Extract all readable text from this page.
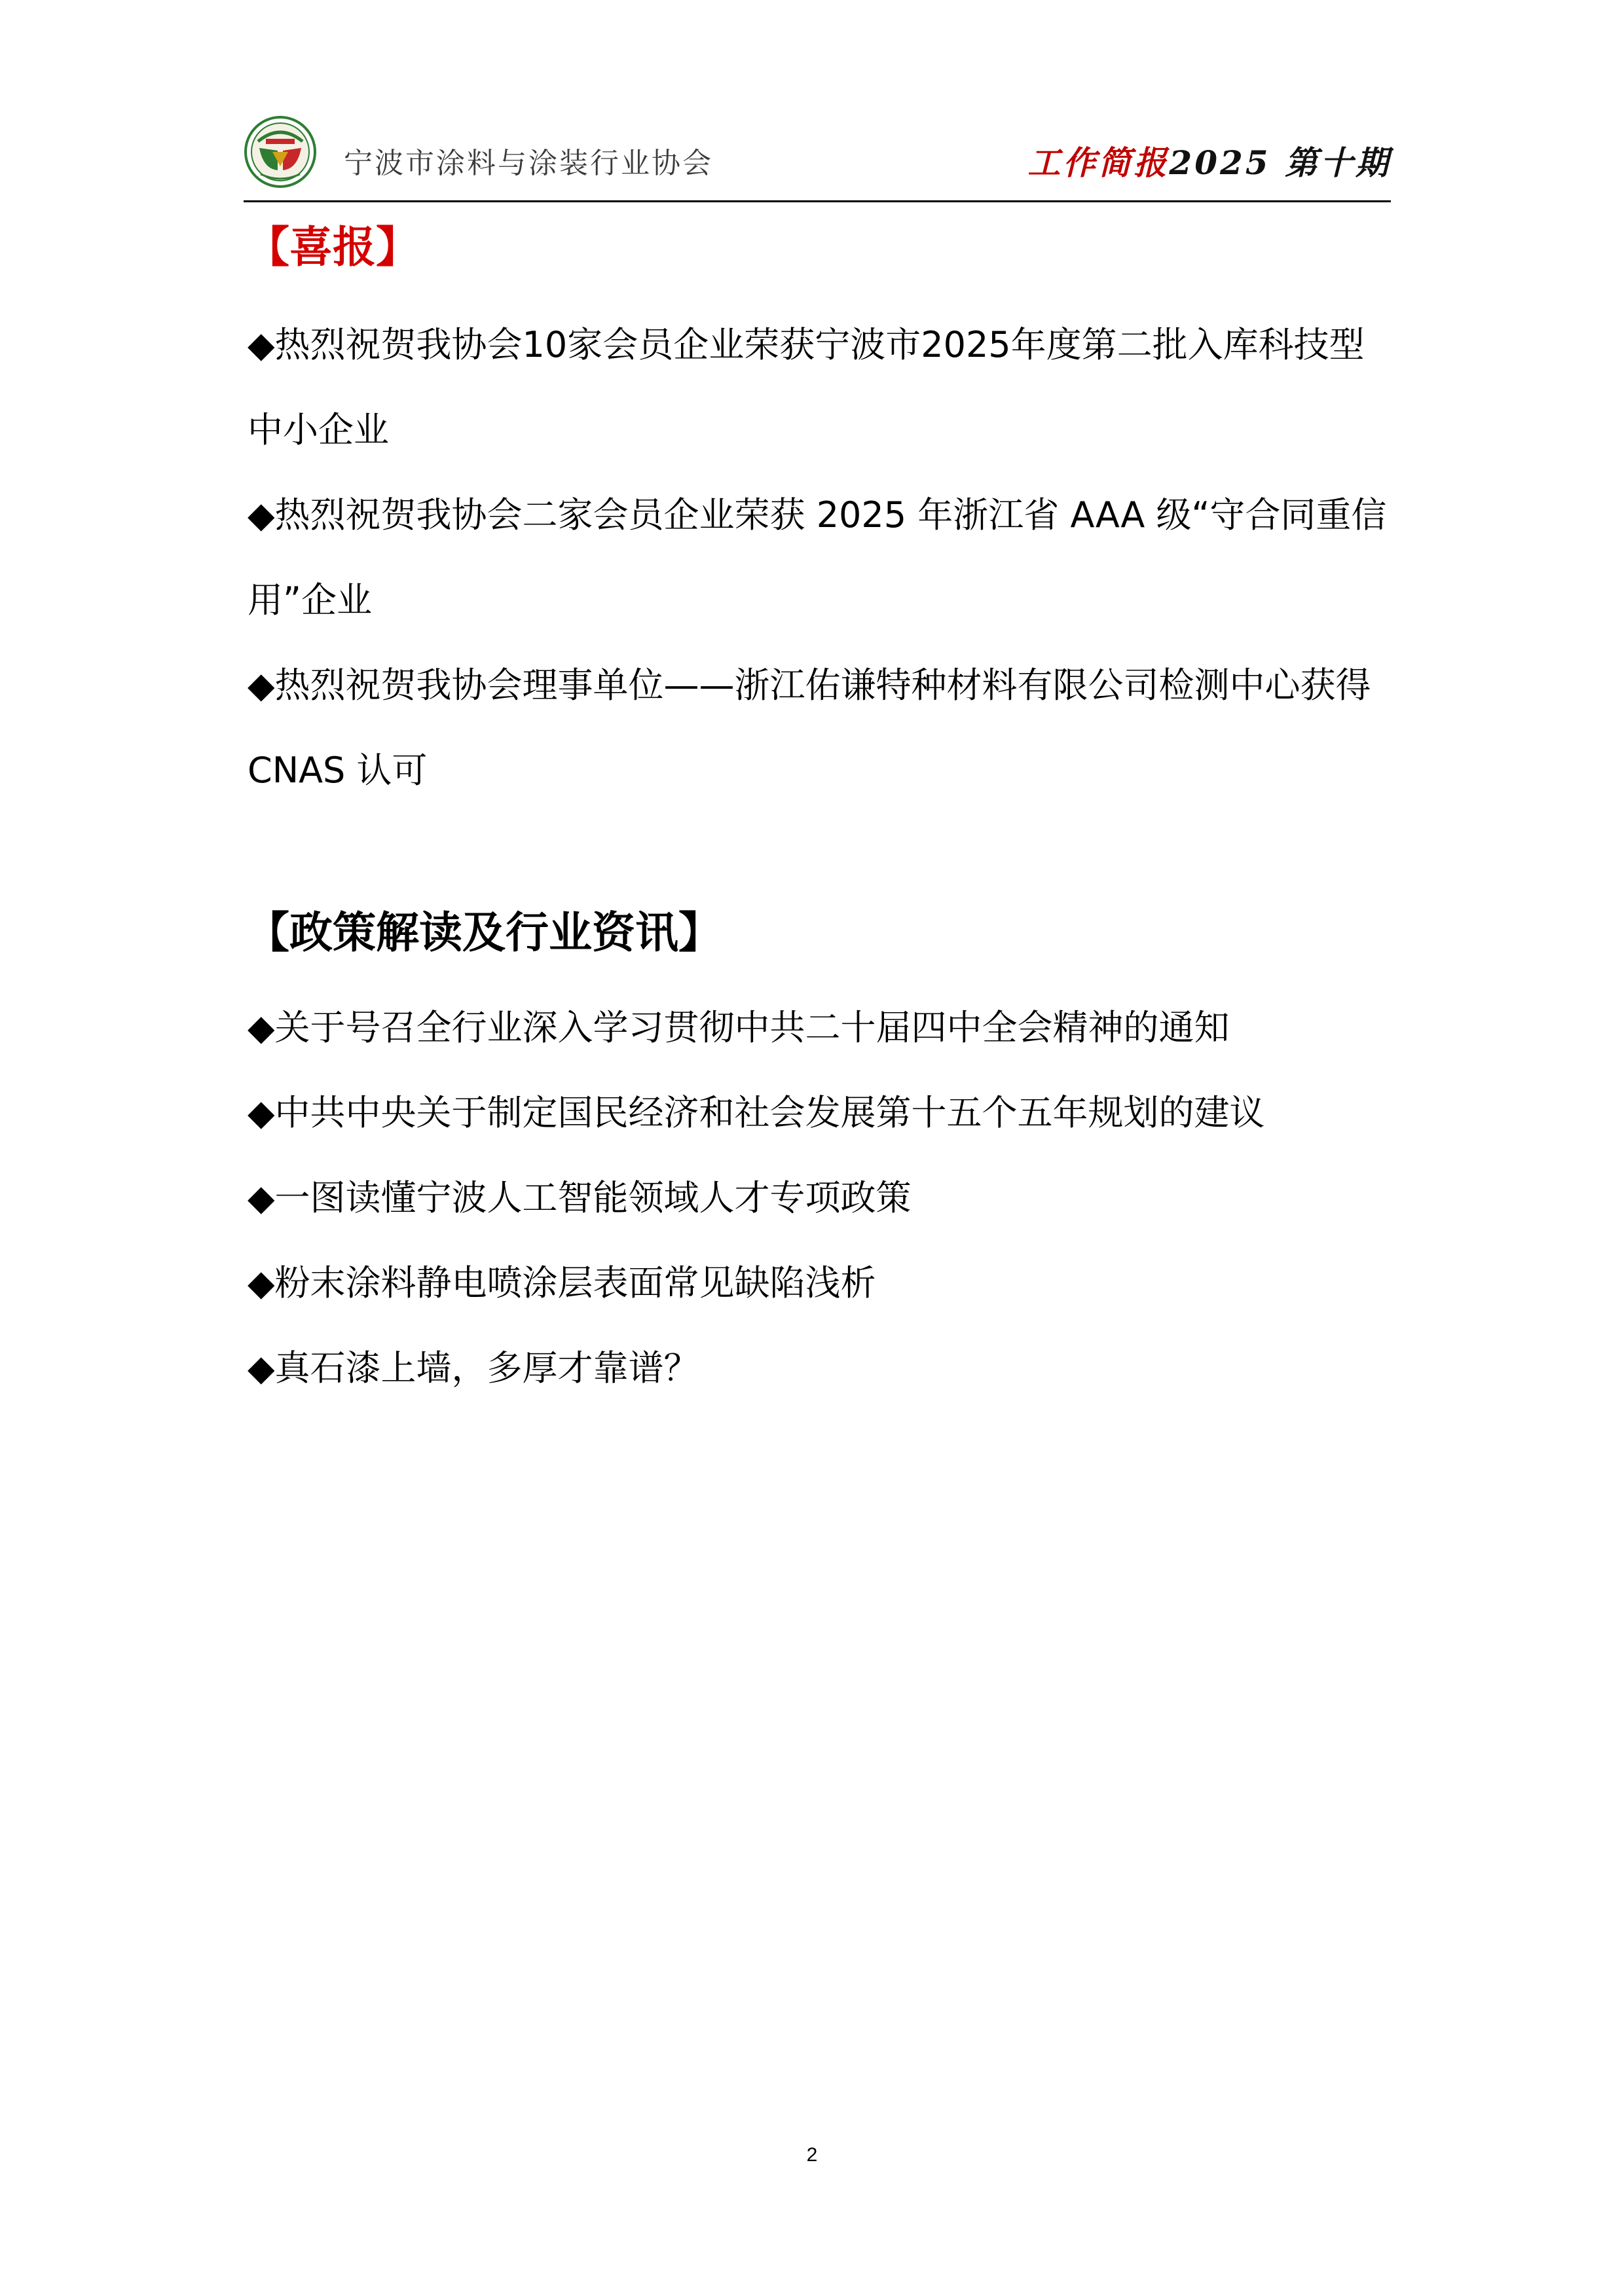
宁波市涂料与涂装行业协会	工作简报2025 第十期
【喜报】
◆热烈祝贺我协会10家会员企业荣获宁波市2025年度第二批入库科技型中小企业
◆热烈祝贺我协会二家会员企业荣获 2025 年浙江省 AAA 级“守合同重信用”企业
◆热烈祝贺我协会理事单位——浙江佑谦特种材料有限公司检测中心获得 CNAS 认可
【政策解读及行业资讯】
◆关于号召全行业深入学习贯彻中共二十届四中全会精神的通知
◆中共中央关于制定国民经济和社会发展第十五个五年规划的建议
◆一图读懂宁波人工智能领域人才专项政策
◆粉末涂料静电喷涂层表面常见缺陷浅析
◆真石漆上墙，多厚才靠谱？
2
